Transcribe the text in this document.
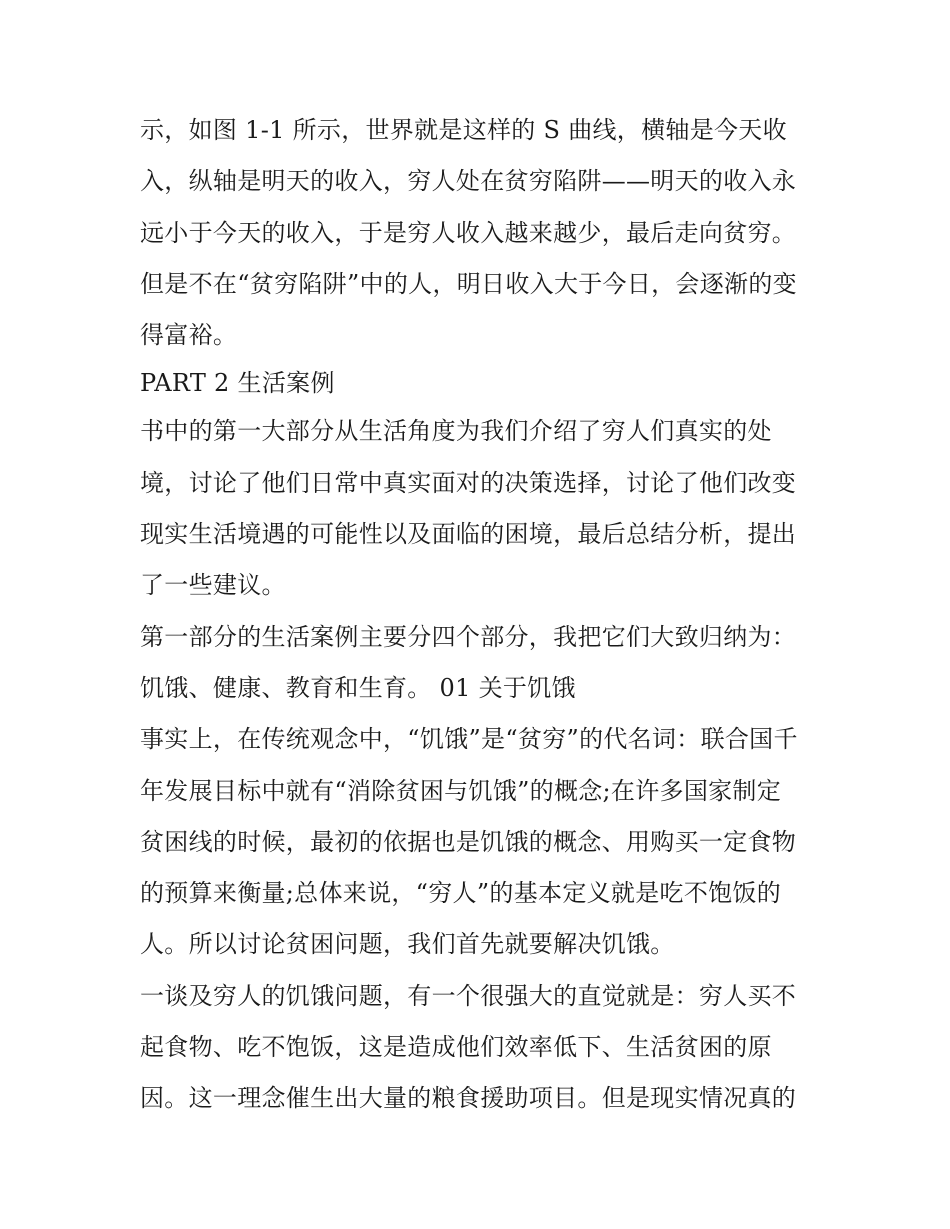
示，如图 1-1 所示，世界就是这样的 S 曲线，横轴是今天收
入，纵轴是明天的收入，穷人处在贫穷陷阱——明天的收入永
远小于今天的收入，于是穷人收入越来越少，最后走向贫穷。
但是不在“贫穷陷阱”中的人，明日收入大于今日，会逐渐的变
得富裕。
PART 2 生活案例
书中的第一大部分从生活角度为我们介绍了穷人们真实的处
境，讨论了他们日常中真实面对的决策选择，讨论了他们改变
现实生活境遇的可能性以及面临的困境，最后总结分析，提出
了一些建议。
第一部分的生活案例主要分四个部分，我把它们大致归纳为：
饥饿、健康、教育和生育。 01 关于饥饿
事实上，在传统观念中，“饥饿”是“贫穷”的代名词：联合国千
年发展目标中就有“消除贫困与饥饿”的概念;在许多国家制定
贫困线的时候，最初的依据也是饥饿的概念、用购买一定食物
的预算来衡量;总体来说，“穷人”的基本定义就是吃不饱饭的
人。所以讨论贫困问题，我们首先就要解决饥饿。
一谈及穷人的饥饿问题，有一个很强大的直觉就是：穷人买不
起食物、吃不饱饭，这是造成他们效率低下、生活贫困的原
因。这一理念催生出大量的粮食援助项目。但是现实情况真的
